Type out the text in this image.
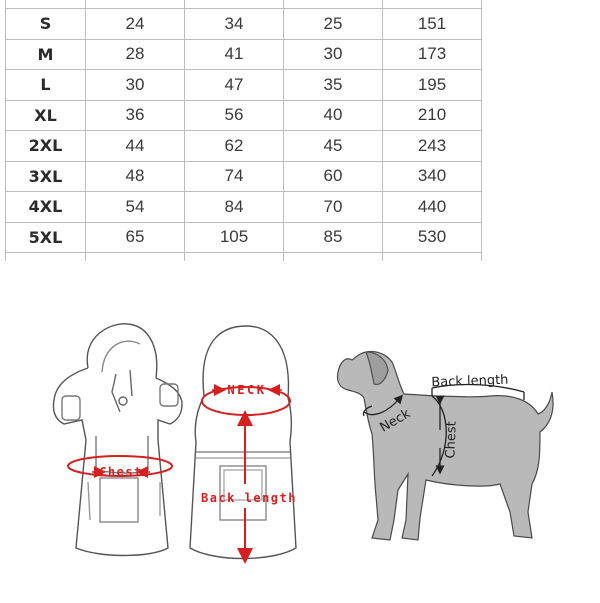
S	24	34	25	151
M	28	41	30	173
L	30	47	35	195
XL	36	56	40	210
2XL	44	62	45	243
3XL	48	74	60	340
4XL	54	84	70	440
5XL	65	105	85	530

Chest
NECK
Back length
Back length
Neck
Chest
